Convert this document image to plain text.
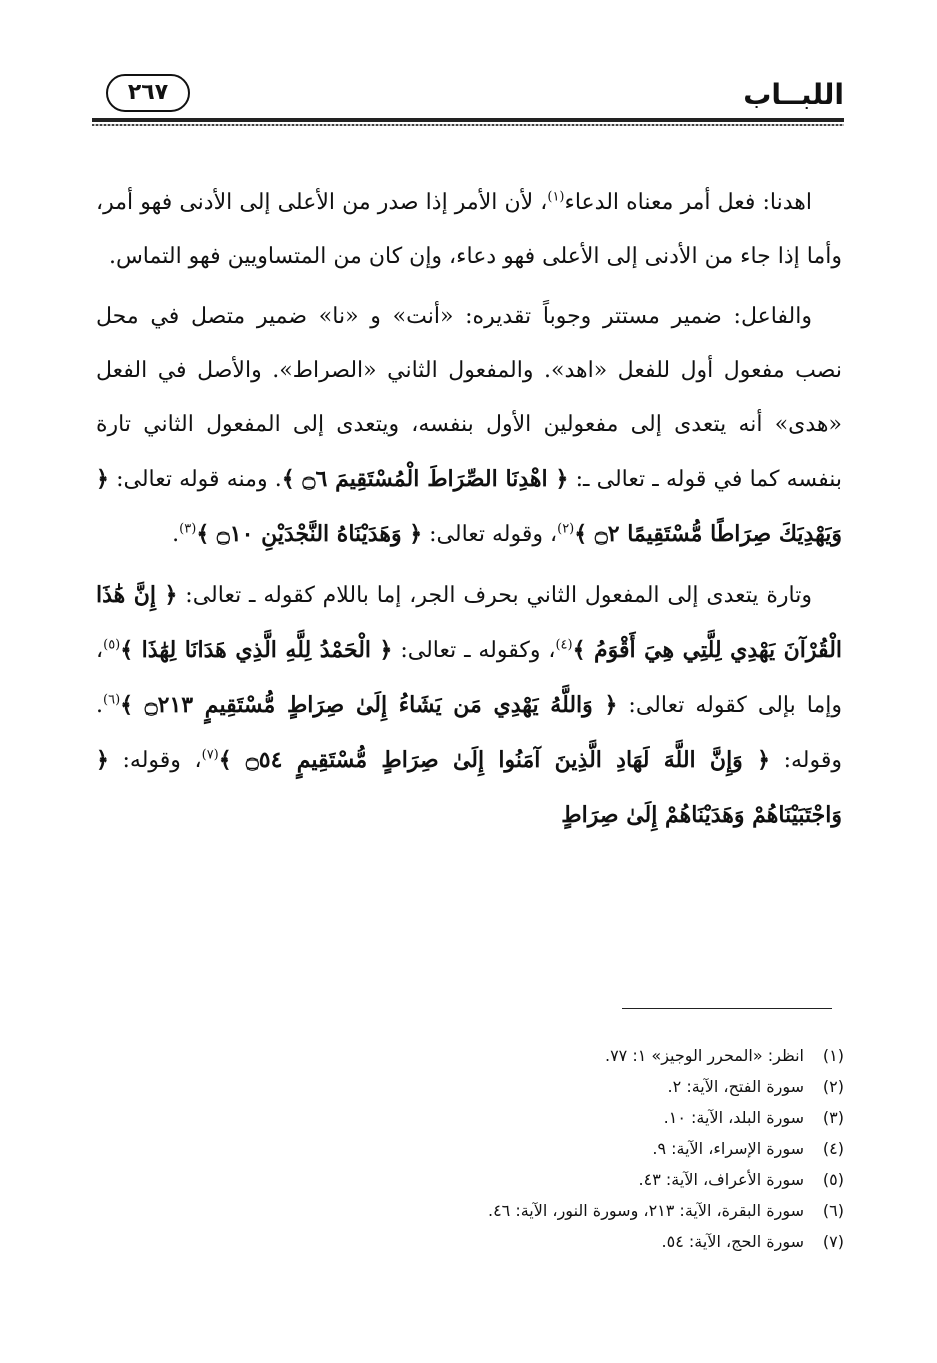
اللبــاب
٢٦٧

اهدنا: فعل أمر معناه الدعاء$^{(١)}$، لأن الأمر إذا صدر من الأعلى إلى الأدنى فهو أمر، وأما إذا جاء من الأدنى إلى الأعلى فهو دعاء، وإن كان من المتساويين فهو التماس.

والفاعل: ضمير مستتر وجوباً تقديره: «أنت» و «نا» ضمير متصل في محل نصب مفعول أول للفعل «اهد». والمفعول الثاني «الصراط». والأصل في الفعل «هدى» أنه يتعدى إلى مفعولين الأول بنفسه، ويتعدى إلى المفعول الثاني تارة بنفسه كما في قوله ـ تعالى ـ: ﴿ اهْدِنَا الصِّرَاطَ الْمُسْتَقِيمَ ۝٦ ﴾. ومنه قوله تعالى: ﴿ وَيَهْدِيَكَ صِرَاطًا مُّسْتَقِيمًا ۝٢ ﴾$^{(٢)}$، وقوله تعالى: ﴿ وَهَدَيْنَاهُ النَّجْدَيْنِ ۝١٠ ﴾$^{(٣)}$.

وتارة يتعدى إلى المفعول الثاني بحرف الجر، إما باللام كقوله ـ تعالى: ﴿ إِنَّ هَٰذَا الْقُرْآنَ يَهْدِي لِلَّتِي هِيَ أَقْوَمُ ﴾$^{(٤)}$، وكقوله ـ تعالى: ﴿ الْحَمْدُ لِلَّهِ الَّذِي هَدَانَا لِهَٰذَا ﴾$^{(٥)}$، وإما بإلى كقوله تعالى: ﴿ وَاللَّهُ يَهْدِي مَن يَشَاءُ إِلَىٰ صِرَاطٍ مُّسْتَقِيمٍ ۝٢١٣ ﴾$^{(٦)}$. وقوله: ﴿ وَإِنَّ اللَّهَ لَهَادِ الَّذِينَ آمَنُوا إِلَىٰ صِرَاطٍ مُّسْتَقِيمٍ ۝٥٤ ﴾$^{(٧)}$، وقوله: ﴿ وَاجْتَبَيْنَاهُمْ وَهَدَيْنَاهُمْ إِلَىٰ صِرَاطٍ

(١)انظر: «المحرر الوجيز» ١: ٧٧.
(٢)سورة الفتح، الآية: ٢.
(٣)سورة البلد، الآية: ١٠.
(٤)سورة الإسراء، الآية: ٩.
(٥)سورة الأعراف، الآية: ٤٣.
(٦)سورة البقرة، الآية: ٢١٣، وسورة النور، الآية: ٤٦.
(٧)سورة الحج، الآية: ٥٤.
